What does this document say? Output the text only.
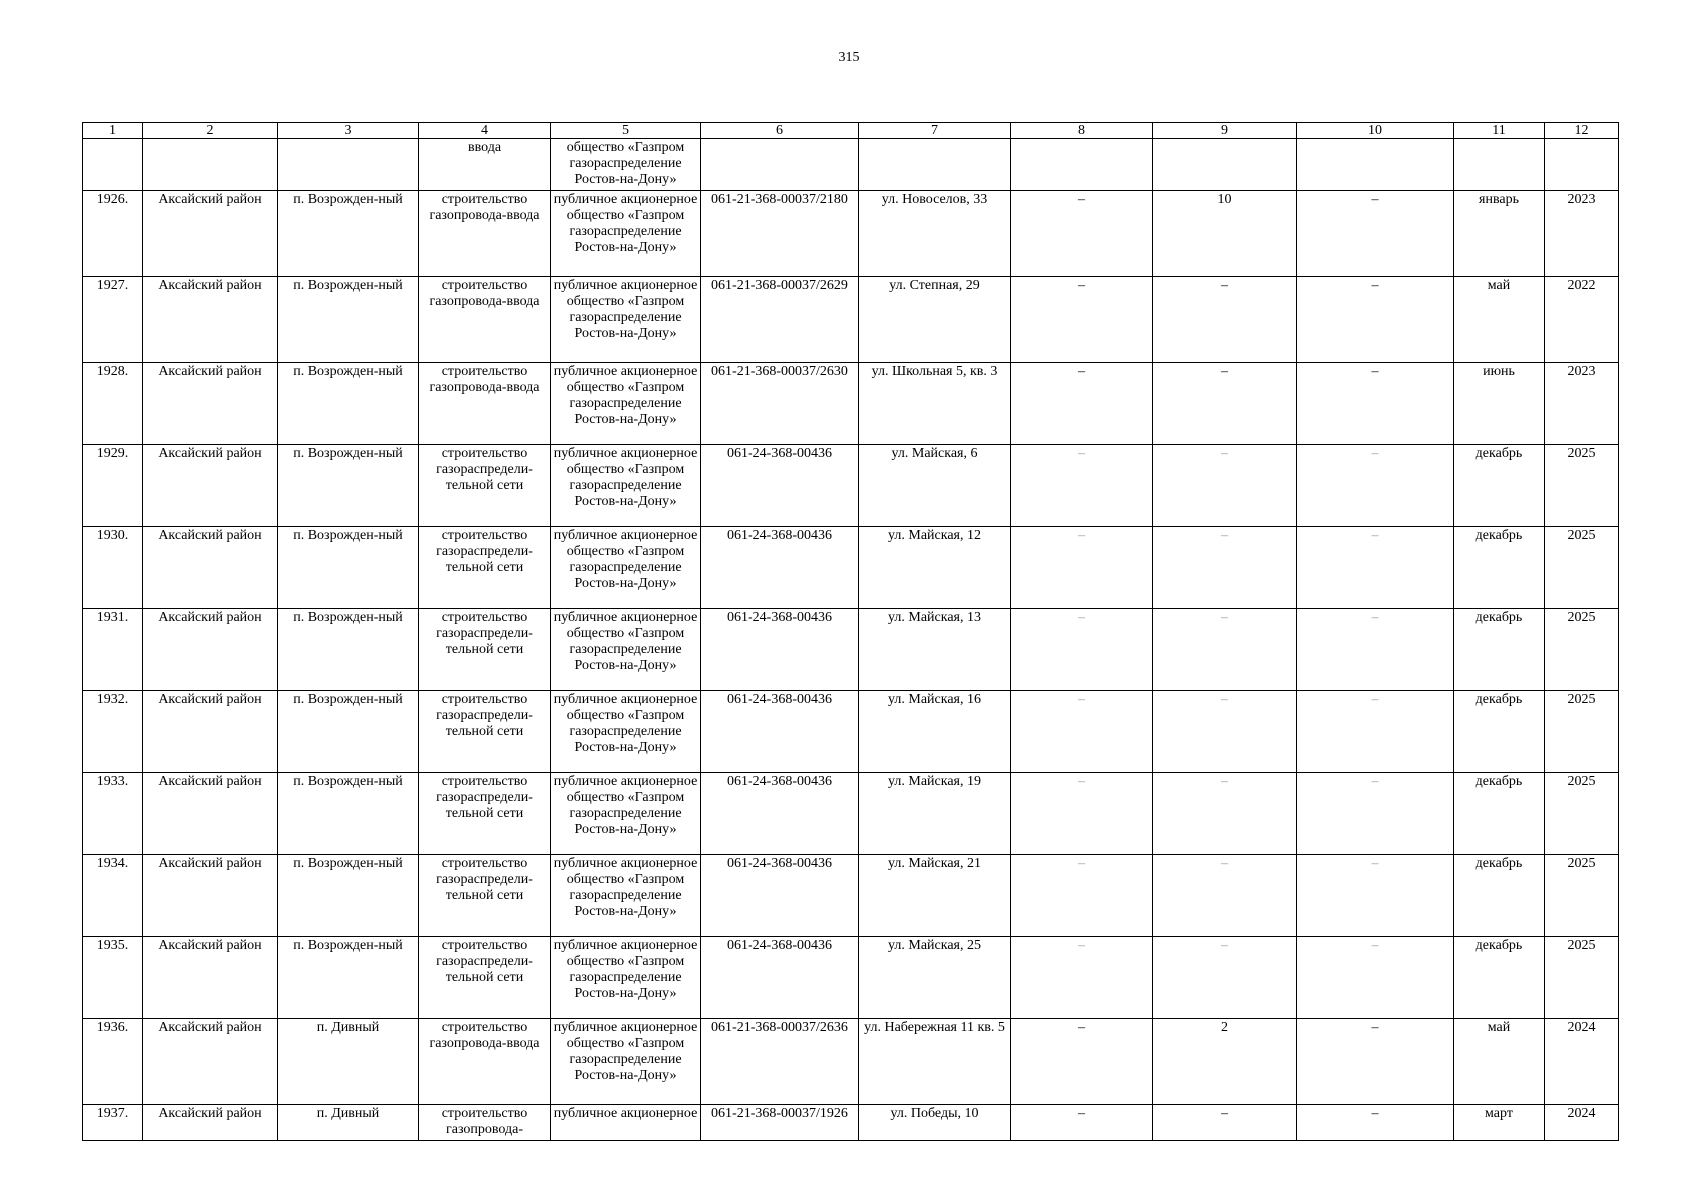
315
1	2	3	4	5	6	7	8	9	10	11	12
			ввода	общество «Газпром газораспределение Ростов-на-Дону»							
1926.	Аксайский район	п. Возрожден-ный	строительство газопровода-ввода	публичное акционерное общество «Газпром газораспределение Ростов-на-Дону»	061-21-368-00037/2180	ул. Новоселов, 33	–	10	–	январь	2023
1927.	Аксайский район	п. Возрожден-ный	строительство газопровода-ввода	публичное акционерное общество «Газпром газораспределение Ростов-на-Дону»	061-21-368-00037/2629	ул. Степная, 29	–	–	–	май	2022
1928.	Аксайский район	п. Возрожден-ный	строительство газопровода-ввода	публичное акционерное общество «Газпром газораспределение Ростов-на-Дону»	061-21-368-00037/2630	ул. Школьная 5, кв. 3	–	–	–	июнь	2023
1929.	Аксайский район	п. Возрожден-ный	строительство газораспредели-тельной сети	публичное акционерное общество «Газпром газораспределение Ростов-на-Дону»	061-24-368-00436	ул. Майская, 6	–	–	–	декабрь	2025
1930.	Аксайский район	п. Возрожден-ный	строительство газораспредели-тельной сети	публичное акционерное общество «Газпром газораспределение Ростов-на-Дону»	061-24-368-00436	ул. Майская, 12	–	–	–	декабрь	2025
1931.	Аксайский район	п. Возрожден-ный	строительство газораспредели-тельной сети	публичное акционерное общество «Газпром газораспределение Ростов-на-Дону»	061-24-368-00436	ул. Майская, 13	–	–	–	декабрь	2025
1932.	Аксайский район	п. Возрожден-ный	строительство газораспредели-тельной сети	публичное акционерное общество «Газпром газораспределение Ростов-на-Дону»	061-24-368-00436	ул. Майская, 16	–	–	–	декабрь	2025
1933.	Аксайский район	п. Возрожден-ный	строительство газораспредели-тельной сети	публичное акционерное общество «Газпром газораспределение Ростов-на-Дону»	061-24-368-00436	ул. Майская, 19	–	–	–	декабрь	2025
1934.	Аксайский район	п. Возрожден-ный	строительство газораспредели-тельной сети	публичное акционерное общество «Газпром газораспределение Ростов-на-Дону»	061-24-368-00436	ул. Майская, 21	–	–	–	декабрь	2025
1935.	Аксайский район	п. Возрожден-ный	строительство газораспредели-тельной сети	публичное акционерное общество «Газпром газораспределение Ростов-на-Дону»	061-24-368-00436	ул. Майская, 25	–	–	–	декабрь	2025
1936.	Аксайский район	п. Дивный	строительство газопровода-ввода	публичное акционерное общество «Газпром газораспределение Ростов-на-Дону»	061-21-368-00037/2636	ул. Набережная 11 кв. 5	–	2	–	май	2024
1937.	Аксайский район	п. Дивный	строительство газопровода-	публичное акционерное	061-21-368-00037/1926	ул. Победы, 10	–	–	–	март	2024
